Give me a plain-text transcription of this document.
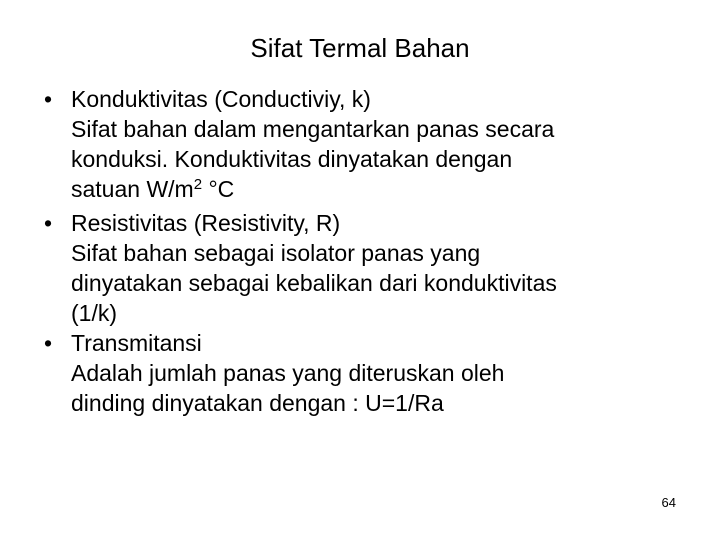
Sifat Termal Bahan
• Konduktivitas (Conductiviy, k)
Sifat bahan dalam mengantarkan panas secara
konduksi. Konduktivitas dinyatakan dengan
satuan $W/m^2$ °C
• Resistivitas (Resistivity, R)
Sifat bahan sebagai isolator panas yang
dinyatakan sebagai kebalikan dari konduktivitas
(1/k)
• Transmitansi
Adalah jumlah panas yang diteruskan oleh
dinding dinyatakan dengan : U=1/Ra
64
